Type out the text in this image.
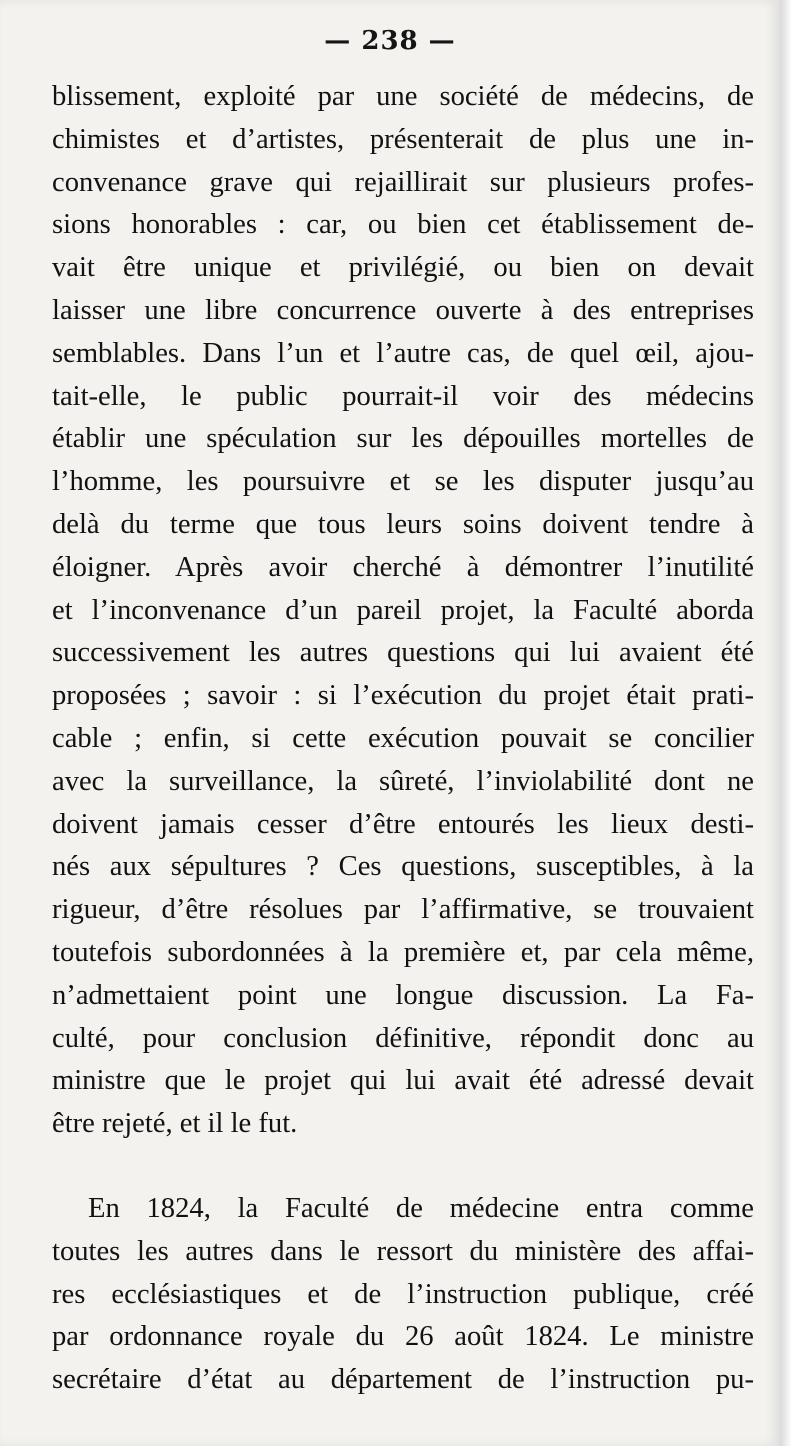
— 238 —
blissement, exploité par une société de médecins, de
chimistes et d’artistes, présenterait de plus une in-
convenance grave qui rejaillirait sur plusieurs profes-
sions honorables : car, ou bien cet établissement de-
vait être unique et privilégié, ou bien on devait
laisser une libre concurrence ouverte à des entreprises
semblables. Dans l’un et l’autre cas, de quel œil, ajou-
tait-elle, le public pourrait-il voir des médecins
établir une spéculation sur les dépouilles mortelles de
l’homme, les poursuivre et se les disputer jusqu’au
delà du terme que tous leurs soins doivent tendre à
éloigner. Après avoir cherché à démontrer l’inutilité
et l’inconvenance d’un pareil projet, la Faculté aborda
successivement les autres questions qui lui avaient été
proposées ; savoir : si l’exécution du projet était prati-
cable ; enfin, si cette exécution pouvait se concilier
avec la surveillance, la sûreté, l’inviolabilité dont ne
doivent jamais cesser d’être entourés les lieux desti-
nés aux sépultures ? Ces questions, susceptibles, à la
rigueur, d’être résolues par l’affirmative, se trouvaient
toutefois subordonnées à la première et, par cela même,
n’admettaient point une longue discussion. La Fa-
culté, pour conclusion définitive, répondit donc au
ministre que le projet qui lui avait été adressé devait
être rejeté, et il le fut.
En 1824, la Faculté de médecine entra comme
toutes les autres dans le ressort du ministère des affai-
res ecclésiastiques et de l’instruction publique, créé
par ordonnance royale du 26 août 1824. Le ministre
secrétaire d’état au département de l’instruction pu-
